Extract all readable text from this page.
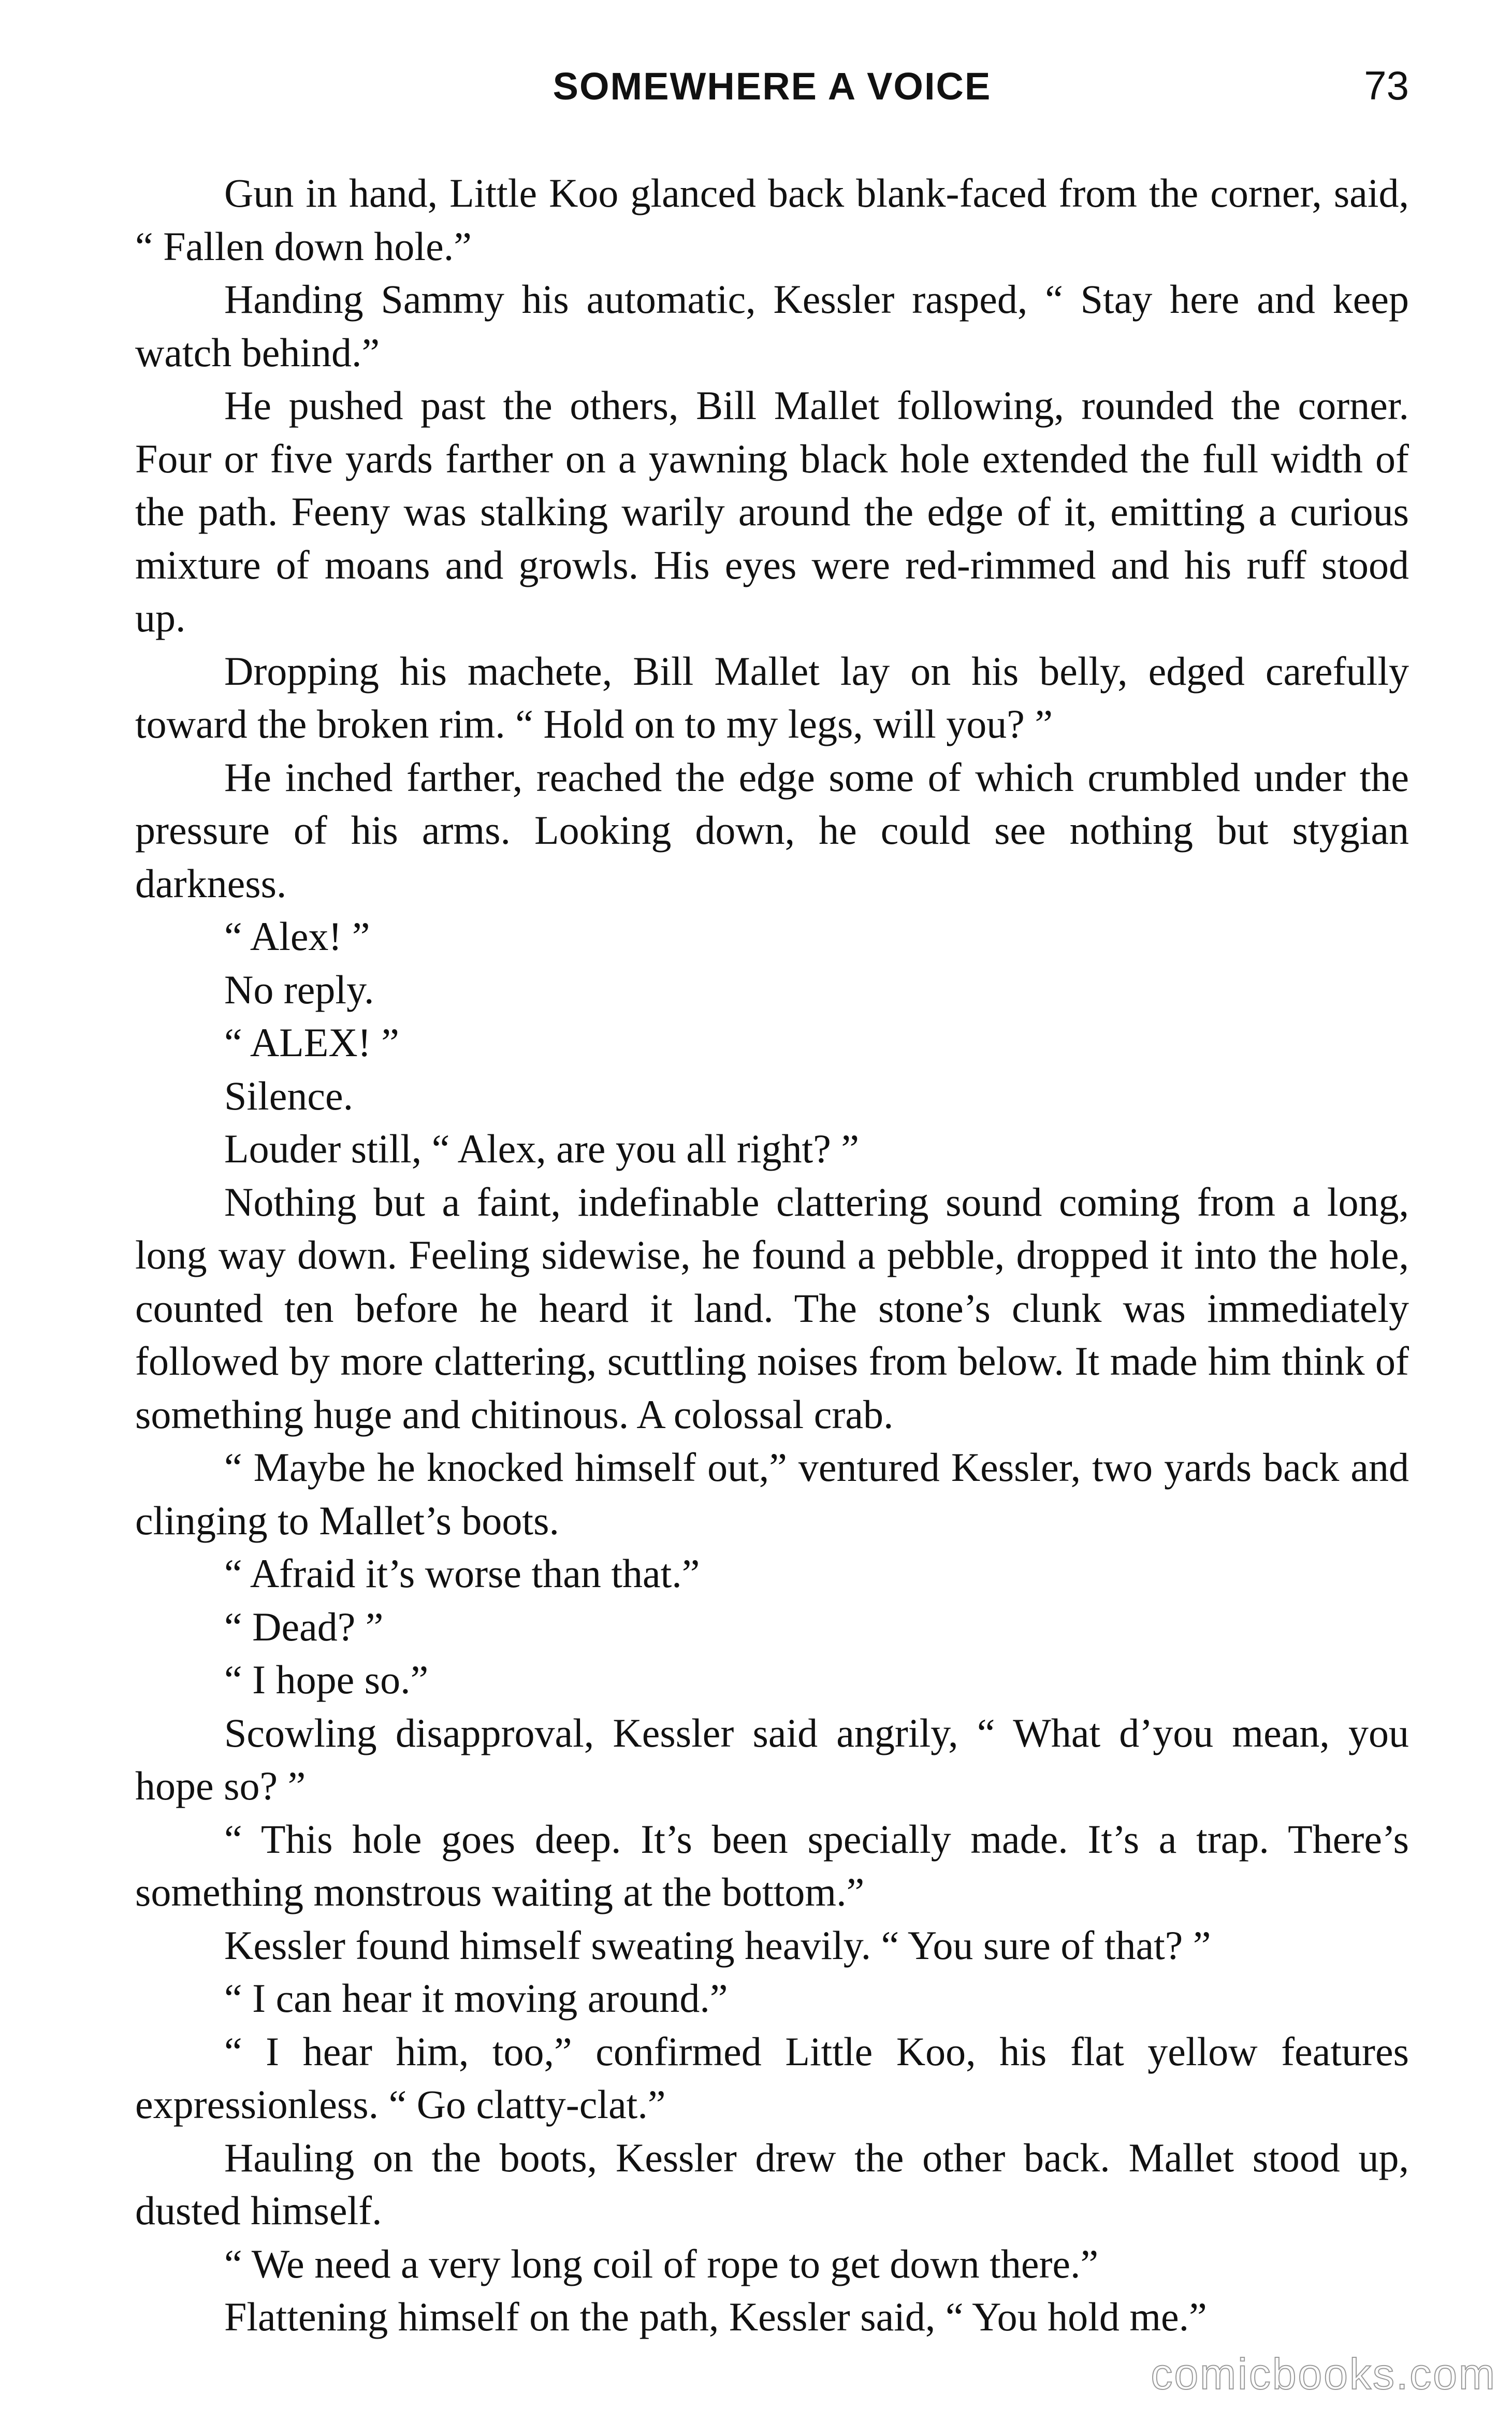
SOMEWHERE A VOICE	73

Gun in hand, Little Koo glanced back blank-faced from the corner, said, “ Fallen down hole.”

Handing Sammy his automatic, Kessler rasped, “ Stay here and keep watch behind.”

He pushed past the others, Bill Mallet following, rounded the corner. Four or five yards farther on a yawning black hole extended the full width of the path. Feeny was stalking warily around the edge of it, emitting a curious mixture of moans and growls. His eyes were red-rimmed and his ruff stood up.

Dropping his machete, Bill Mallet lay on his belly, edged carefully toward the broken rim. “ Hold on to my legs, will you? ”

He inched farther, reached the edge some of which crumbled under the pressure of his arms. Looking down, he could see nothing but stygian darkness.

“ Alex! ”

No reply.

“ ALEX! ”

Silence.

Louder still, “ Alex, are you all right? ”

Nothing but a faint, indefinable clattering sound coming from a long, long way down. Feeling sidewise, he found a pebble, dropped it into the hole, counted ten before he heard it land. The stone’s clunk was immediately followed by more clattering, scuttling noises from below. It made him think of something huge and chitinous. A colossal crab.

“ Maybe he knocked himself out,” ventured Kessler, two yards back and clinging to Mallet’s boots.

“ Afraid it’s worse than that.”

“ Dead? ”

“ I hope so.”

Scowling disapproval, Kessler said angrily, “ What d’you mean, you hope so? ”

“ This hole goes deep. It’s been specially made. It’s a trap. There’s something monstrous waiting at the bottom.”

Kessler found himself sweating heavily. “ You sure of that? ”

“ I can hear it moving around.”

“ I hear him, too,” confirmed Little Koo, his flat yellow features expressionless. “ Go clatty-clat.”

Hauling on the boots, Kessler drew the other back. Mallet stood up, dusted himself.

“ We need a very long coil of rope to get down there.”

Flattening himself on the path, Kessler said, “ You hold me.”

comicbooks.com
